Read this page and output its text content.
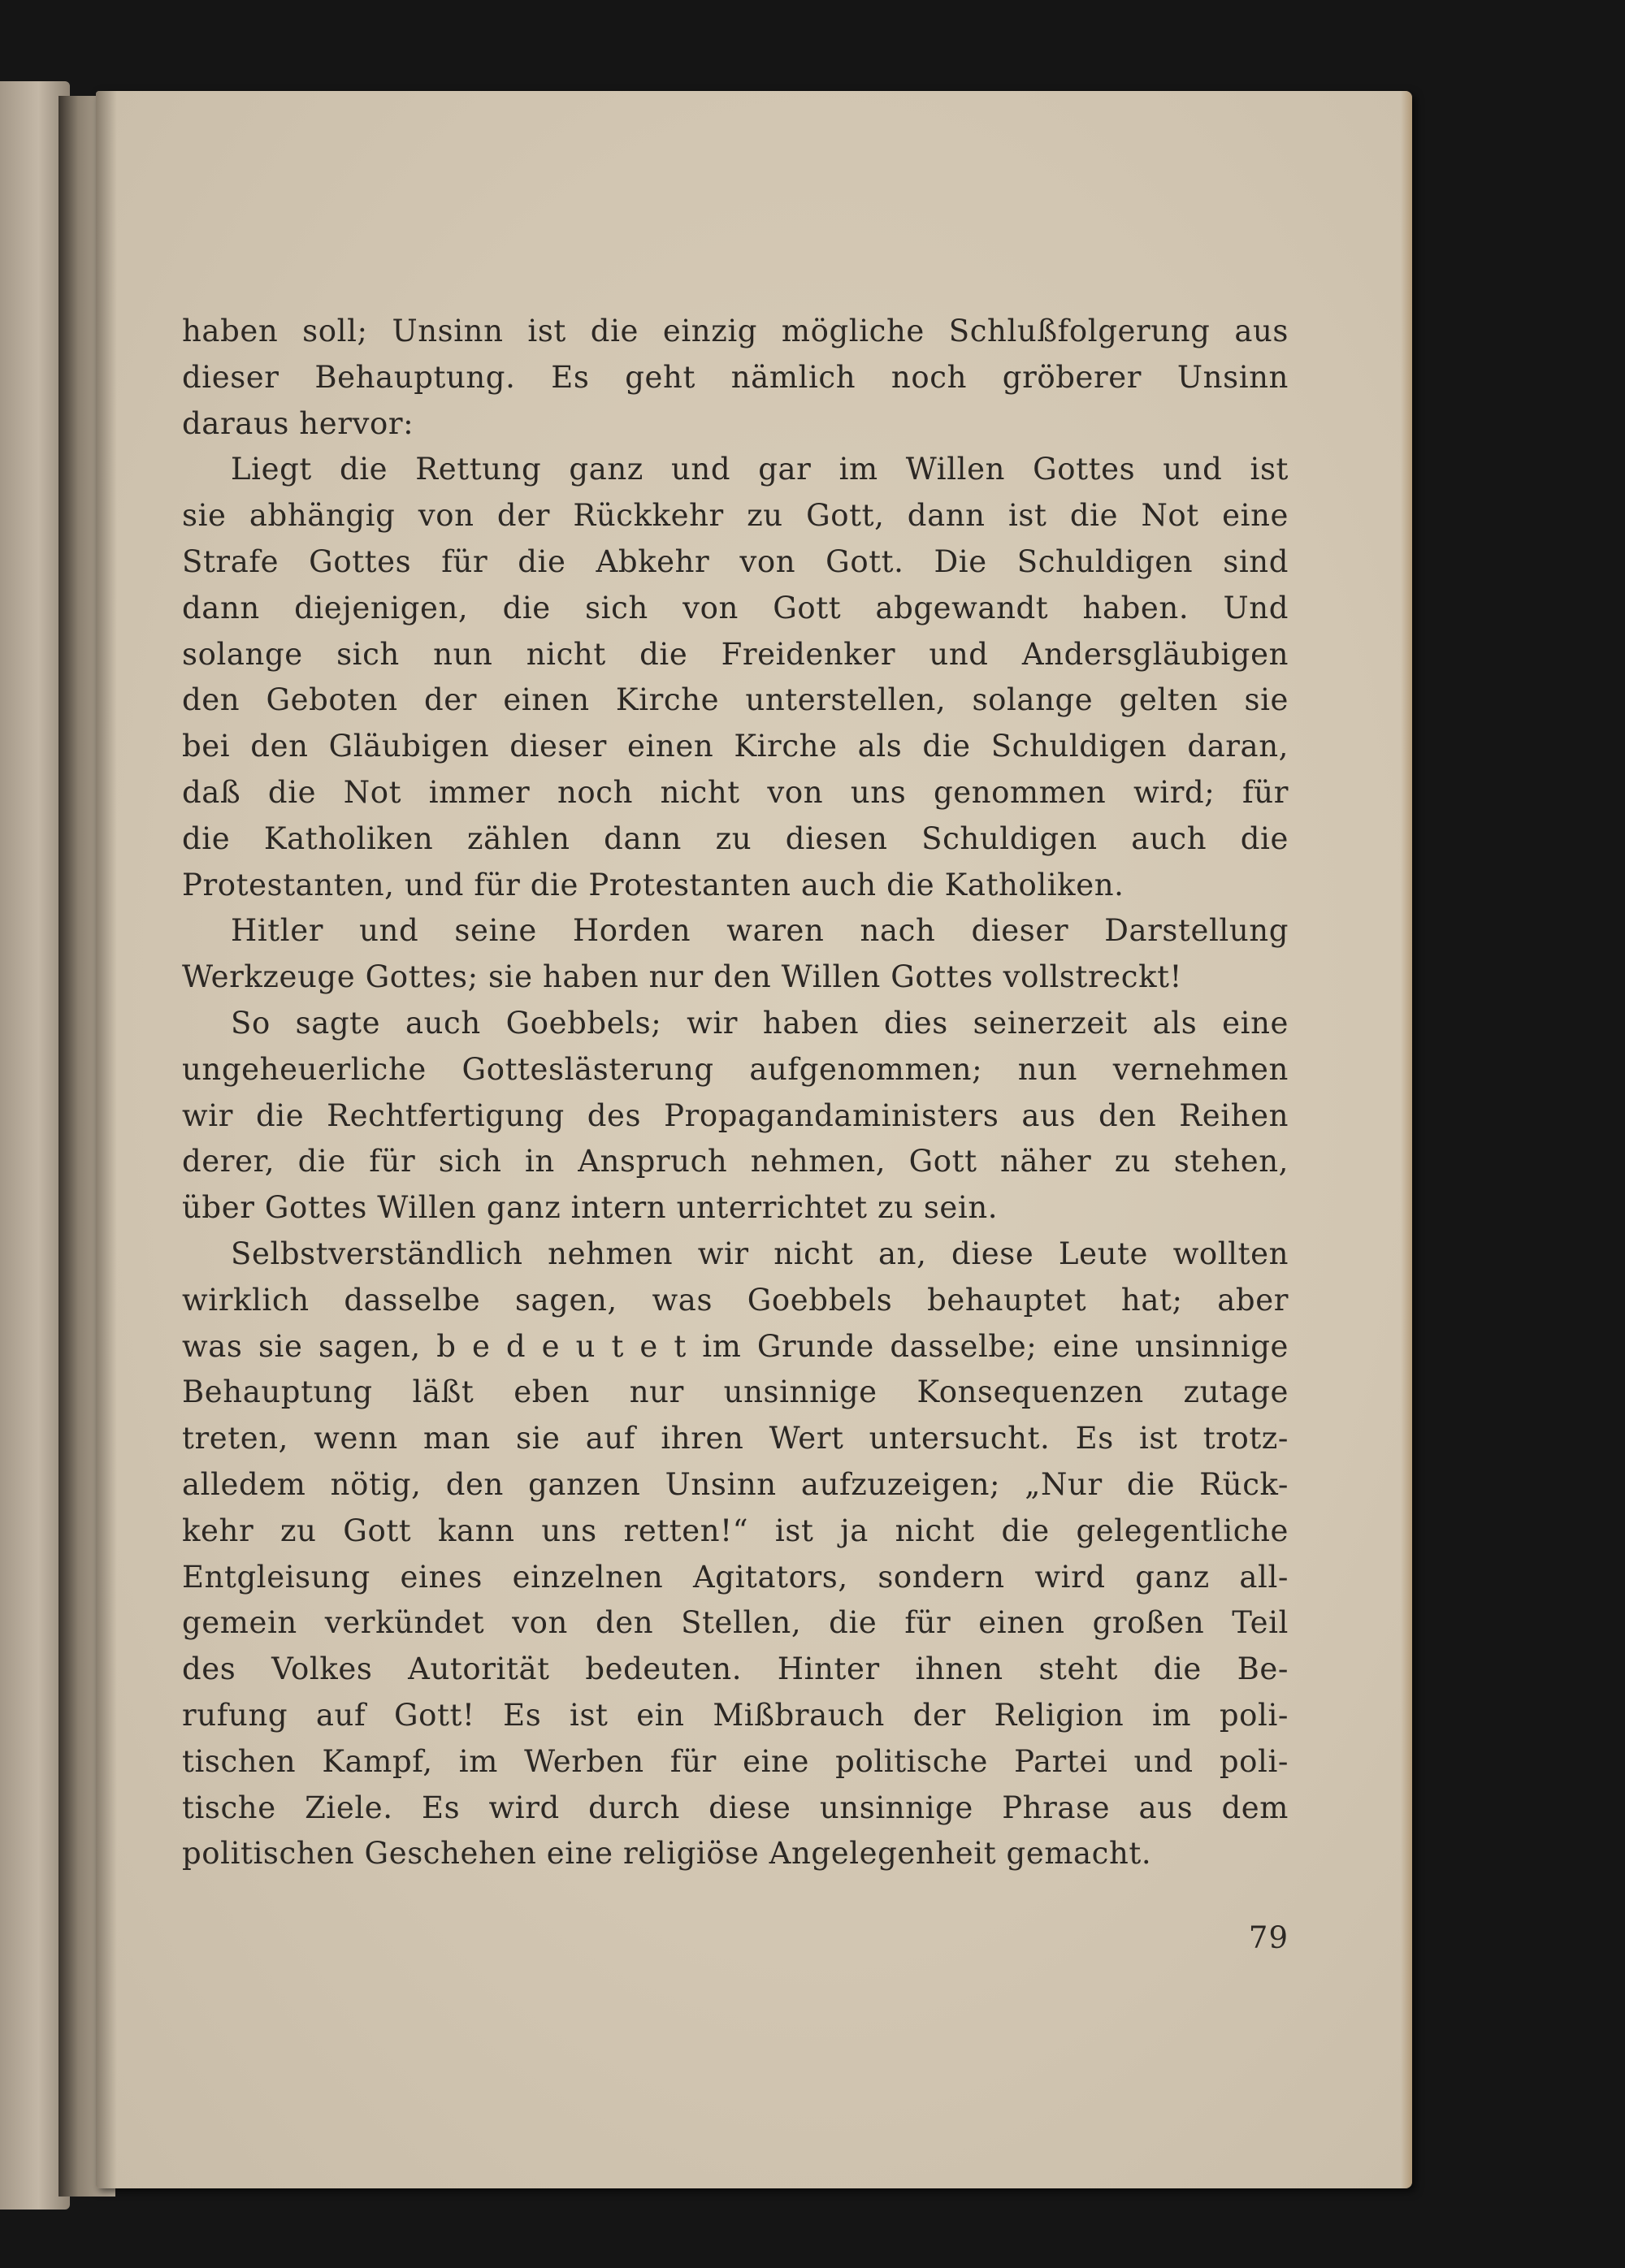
haben soll; Unsinn ist die einzig mögliche Schlußfolgerung aus
dieser Behauptung. Es geht nämlich noch gröberer Unsinn
daraus hervor:
Liegt die Rettung ganz und gar im Willen Gottes und ist
sie abhängig von der Rückkehr zu Gott, dann ist die Not eine
Strafe Gottes für die Abkehr von Gott. Die Schuldigen sind
dann diejenigen, die sich von Gott abgewandt haben. Und
solange sich nun nicht die Freidenker und Andersgläubigen
den Geboten der einen Kirche unterstellen, solange gelten sie
bei den Gläubigen dieser einen Kirche als die Schuldigen daran,
daß die Not immer noch nicht von uns genommen wird; für
die Katholiken zählen dann zu diesen Schuldigen auch die
Protestanten, und für die Protestanten auch die Katholiken.
Hitler und seine Horden waren nach dieser Darstellung
Werkzeuge Gottes; sie haben nur den Willen Gottes vollstreckt!
So sagte auch Goebbels; wir haben dies seinerzeit als eine
ungeheuerliche Gotteslästerung aufgenommen; nun vernehmen
wir die Rechtfertigung des Propagandaministers aus den Reihen
derer, die für sich in Anspruch nehmen, Gott näher zu stehen,
über Gottes Willen ganz intern unterrichtet zu sein.
Selbstverständlich nehmen wir nicht an, diese Leute wollten
wirklich dasselbe sagen, was Goebbels behauptet hat; aber
was sie sagen, b e d e u t e t im Grunde dasselbe; eine unsinnige
Behauptung läßt eben nur unsinnige Konsequenzen zutage
treten, wenn man sie auf ihren Wert untersucht. Es ist trotz-
alledem nötig, den ganzen Unsinn aufzuzeigen; „Nur die Rück-
kehr zu Gott kann uns retten!“ ist ja nicht die gelegentliche
Entgleisung eines einzelnen Agitators, sondern wird ganz all-
gemein verkündet von den Stellen, die für einen großen Teil
des Volkes Autorität bedeuten. Hinter ihnen steht die Be-
rufung auf Gott! Es ist ein Mißbrauch der Religion im poli-
tischen Kampf, im Werben für eine politische Partei und poli-
tische Ziele. Es wird durch diese unsinnige Phrase aus dem
politischen Geschehen eine religiöse Angelegenheit gemacht.
79
